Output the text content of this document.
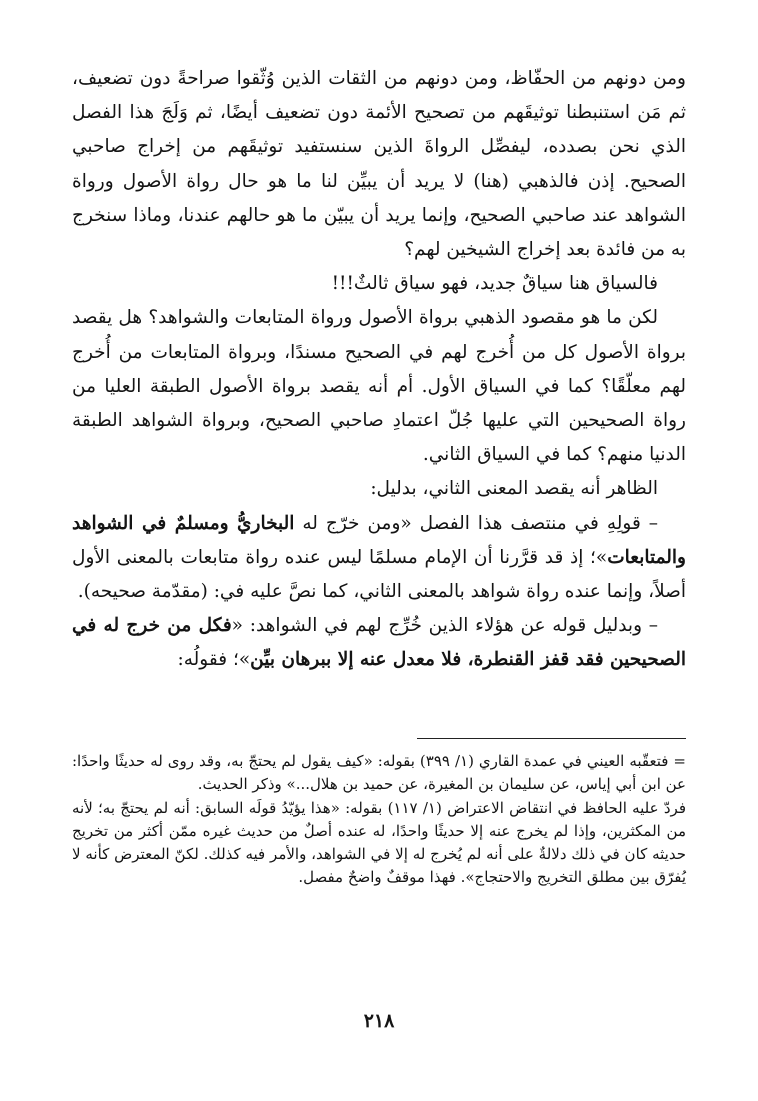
ومن دونهم من الحفّاظ، ومن دونهم من الثقات الذين وُثّقوا صراحةً دون تضعيف، ثم مَن استنبطنا توثيقَهم من تصحيح الأئمة دون تضعيف أيضًا، ثم وَلَجَ هذا الفصل الذي نحن بصدده، ليفصِّل الرواةَ الذين سنستفيد توثيقَهم من إخراج صاحبي الصحيح. إذن فالذهبي (هنا) لا يريد أن يبيِّن لنا ما هو حال رواة الأصول ورواة الشواهد عند صاحبي الصحيح، وإنما يريد أن يبيّن ما هو حالهم عندنا، وماذا سنخرج به من فائدة بعد إخراج الشيخين لهم؟

فالسياق هنا سياقٌ جديد، فهو سياق ثالثٌ!!!

لكن ما هو مقصود الذهبي برواة الأصول ورواة المتابعات والشواهد؟ هل يقصد برواة الأصول كل من أُخرج لهم في الصحيح مسندًا، وبرواة المتابعات من أُخرج لهم معلّقًا؟ كما في السياق الأول. أم أنه يقصد برواة الأصول الطبقة العليا من رواة الصحيحين التي عليها جُلّ اعتمادِ صاحبي الصحيح، وبرواة الشواهد الطبقة الدنيا منهم؟ كما في السياق الثاني.

الظاهر أنه يقصد المعنى الثاني، بدليل:

– قولِهِ في منتصف هذا الفصل «ومن خرّج له البخاريُّ ومسلمٌ في الشواهد والمتابعات»؛ إذ قد قرَّرنا أن الإمام مسلمًا ليس عنده رواة متابعات بالمعنى الأول أصلاً، وإنما عنده رواة شواهد بالمعنى الثاني، كما نصَّ عليه في: (مقدّمة صحيحه).

– وبدليل قوله عن هؤلاء الذين خُرِّج لهم في الشواهد: «فكل من خرج له في الصحيحين فقد قفز القنطرة، فلا معدل عنه إلا ببرهان بيِّن»؛ فقولُه:

= فتعقّبه العيني في عمدة القاري (١/ ٣٩٩) بقوله: «كيف يقول لم يحتجّ به، وقد روى له حديثًا واحدًا: عن ابن أبي إياس، عن سليمان بن المغيرة، عن حميد بن هلال...» وذكر الحديث.

فردّ عليه الحافظ في انتقاض الاعتراض (١/ ١١٧) بقوله: «هذا يؤيّدُ قولَه السابق: أنه لم يحتجّ به؛ لأنه من المكثرين، وإذا لم يخرج عنه إلا حديثًا واحدًا، له عنده أصلٌ من حديث غيره ممّن أكثر من تخريج حديثه كان في ذلك دلالةٌ على أنه لم يُخرج له إلا في الشواهد، والأمر فيه كذلك. لكنّ المعترض كأنه لا يُفرّق بين مطلق التخريج والاحتجاج». فهذا موقفٌ واضحٌ مفصل.

٢١٨
